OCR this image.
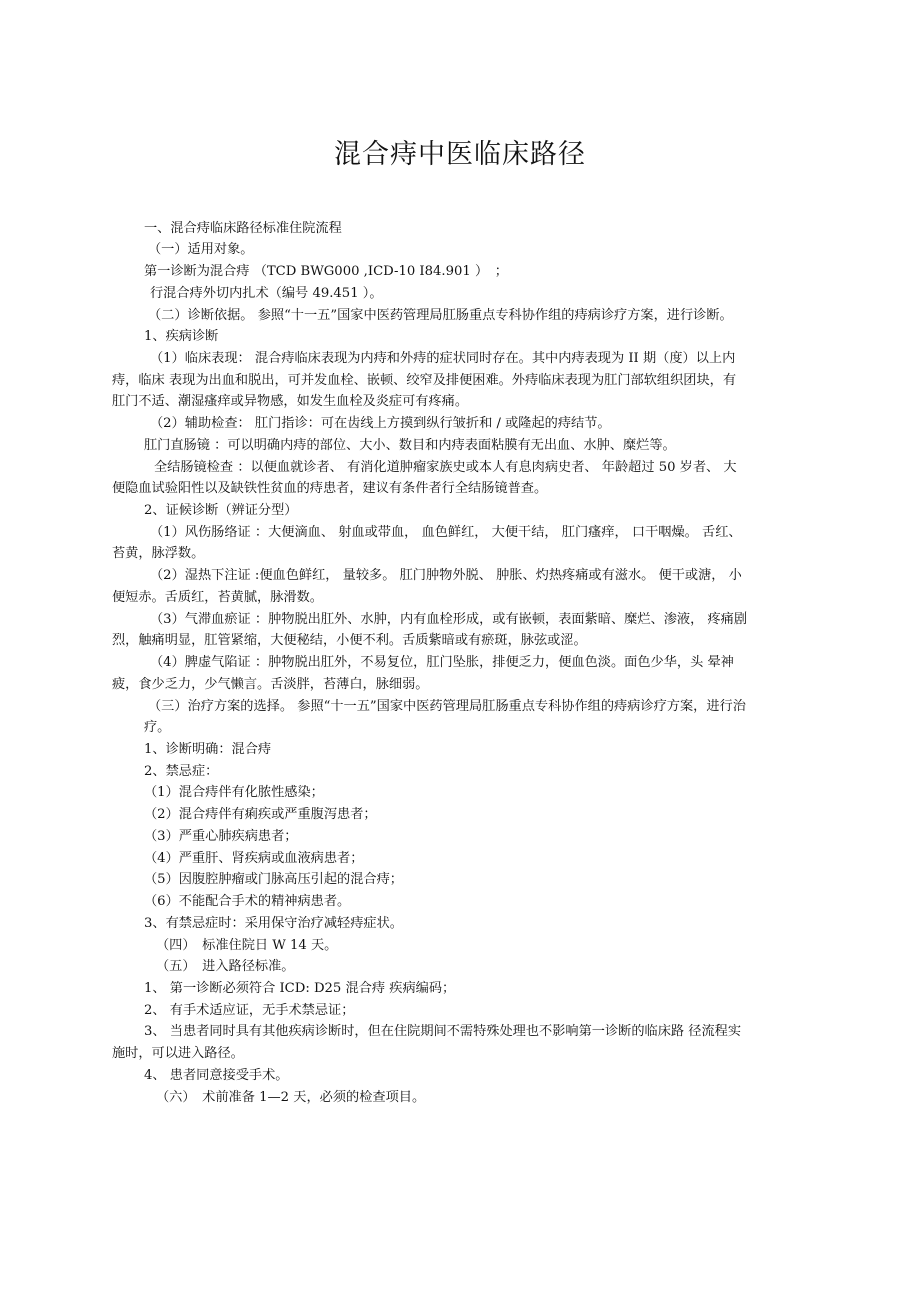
混合痔中医临床路径
一、混合痔临床路径标准住院流程
（一）适用对象。
第一诊断为混合痔 （TCD BWG000 ,ICD-10 I84.901 ）　；
行混合痔外切内扎术（编号 49.451 ）。
（二）诊断依据。 参照“十一五”国家中医药管理局肛肠重点专科协作组的痔病诊疗方案，进行诊断。
1、疾病诊断
（1）临床表现： 混合痔临床表现为内痔和外痔的症状同时存在。其中内痔表现为 II 期（度）以上内
痔，临床 表现为出血和脱出，可并发血栓、嵌顿、绞窄及排便困难。外痔临床表现为肛门部软组织团块，有
肛门不适、潮湿瘙痒或异物感，如发生血栓及炎症可有疼痛。
（2）辅助检查： 肛门指诊：可在齿线上方摸到纵行皱折和 / 或隆起的痔结节。
肛门直肠镜 ：可以明确内痔的部位、大小、数目和内痔表面粘膜有无出血、水肿、糜烂等。
全结肠镜检查 ：以便血就诊者、 有消化道肿瘤家族史或本人有息肉病史者、 年龄超过 50 岁者、 大
便隐血试验阳性以及缺铁性贫血的痔患者，建议有条件者行全结肠镜普查。
2、证候诊断（辨证分型）
（1）风伤肠络证 ：大便滴血、 射血或带血， 血色鲜红， 大便干结， 肛门瘙痒， 口干咽燥。 舌红、
苔黄，脉浮数。
（2）湿热下注证 :便血色鲜红， 量较多。 肛门肿物外脱、 肿胀、灼热疼痛或有滋水。 便干或溏， 小
便短赤。舌质红，苔黄腻，脉滑数。
（3）气滞血瘀证 ：肿物脱出肛外、水肿，内有血栓形成，或有嵌顿，表面紫暗、糜烂、渗液， 疼痛剧
烈，触痛明显，肛管紧缩，大便秘结，小便不利。舌质紫暗或有瘀斑，脉弦或涩。
（4）脾虚气陷证 ：肿物脱出肛外，不易复位，肛门坠胀，排便乏力，便血色淡。面色少华，头 晕神
疲，食少乏力，少气懒言。舌淡胖，苔薄白，脉细弱。
（三）治疗方案的选择。 参照“十一五”国家中医药管理局肛肠重点专科协作组的痔病诊疗方案，进行治
疗。
1、诊断明确：混合痔
2、禁忌症：
（1）混合痔伴有化脓性感染；
（2）混合痔伴有痢疾或严重腹泻患者；
（3）严重心肺疾病患者；
（4）严重肝、肾疾病或血液病患者；
（5）因腹腔肿瘤或门脉高压引起的混合痔；
（6）不能配合手术的精神病患者。
3、有禁忌症时：采用保守治疗减轻痔症状。
（四）　标准住院日 W 14 天。
（五）　进入路径标准。
1、 第一诊断必须符合 ICD: D25 混合痔 疾病编码；
2、 有手术适应证，无手术禁忌证；
3、 当患者同时具有其他疾病诊断时，但在住院期间不需特殊处理也不影响第一诊断的临床路 径流程实
施时，可以进入路径。
4、 患者同意接受手术。
（六）　术前准备 1—2 天，必须的检查项目。
